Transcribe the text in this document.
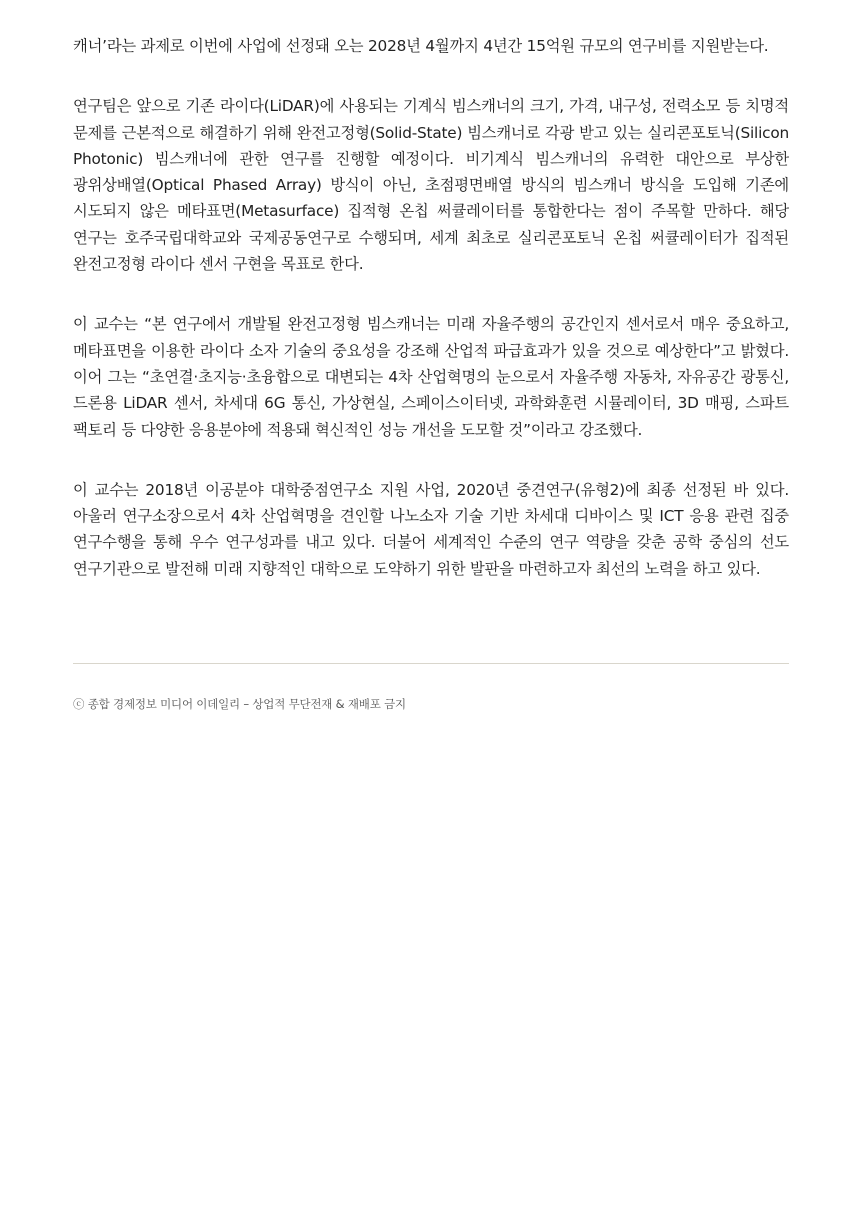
캐너’라는 과제로 이번에 사업에 선정돼 오는 2028년 4월까지 4년간 15억원 규모의 연구비를 지원받는다.

연구팀은 앞으로 기존 라이다(LiDAR)에 사용되는 기계식 빔스캐너의 크기, 가격, 내구성, 전력소모 등 치명적 문제를 근본적으로 해결하기 위해 완전고정형(Solid-State) 빔스캐너로 각광 받고 있는 실리콘포토닉(Silicon Photonic) 빔스캐너에 관한 연구를 진행할 예정이다. 비기계식 빔스캐너의 유력한 대안으로 부상한 광위상배열(Optical Phased Array) 방식이 아닌, 초점평면배열 방식의 빔스캐너 방식을 도입해 기존에 시도되지 않은 메타표면(Metasurface) 집적형 온칩 써큘레이터를 통합한다는 점이 주목할 만하다. 해당 연구는 호주국립대학교와 국제공동연구로 수행되며, 세계 최초로 실리콘포토닉 온칩 써큘레이터가 집적된 완전고정형 라이다 센서 구현을 목표로 한다.

이 교수는 “본 연구에서 개발될 완전고정형 빔스캐너는 미래 자율주행의 공간인지 센서로서 매우 중요하고, 메타표면을 이용한 라이다 소자 기술의 중요성을 강조해 산업적 파급효과가 있을 것으로 예상한다”고 밝혔다. 이어 그는 “초연결·초지능·초융합으로 대변되는 4차 산업혁명의 눈으로서 자율주행 자동차, 자유공간 광통신, 드론용 LiDAR 센서, 차세대 6G 통신, 가상현실, 스페이스이터넷, 과학화훈련 시뮬레이터, 3D 매핑, 스파트 팩토리 등 다양한 응용분야에 적용돼 혁신적인 성능 개선을 도모할 것”이라고 강조했다.

이 교수는 2018년 이공분야 대학중점연구소 지원 사업, 2020년 중견연구(유형2)에 최종 선정된 바 있다. 아울러 연구소장으로서 4차 산업혁명을 견인할 나노소자 기술 기반 차세대 디바이스 및 ICT 응용 관련 집중 연구수행을 통해 우수 연구성과를 내고 있다. 더불어 세계적인 수준의 연구 역량을 갖춘 공학 중심의 선도 연구기관으로 발전해 미래 지향적인 대학으로 도약하기 위한 발판을 마련하고자 최선의 노력을 하고 있다.

ⓒ 종합 경제정보 미디어 이데일리 – 상업적 무단전재 & 재배포 금지
